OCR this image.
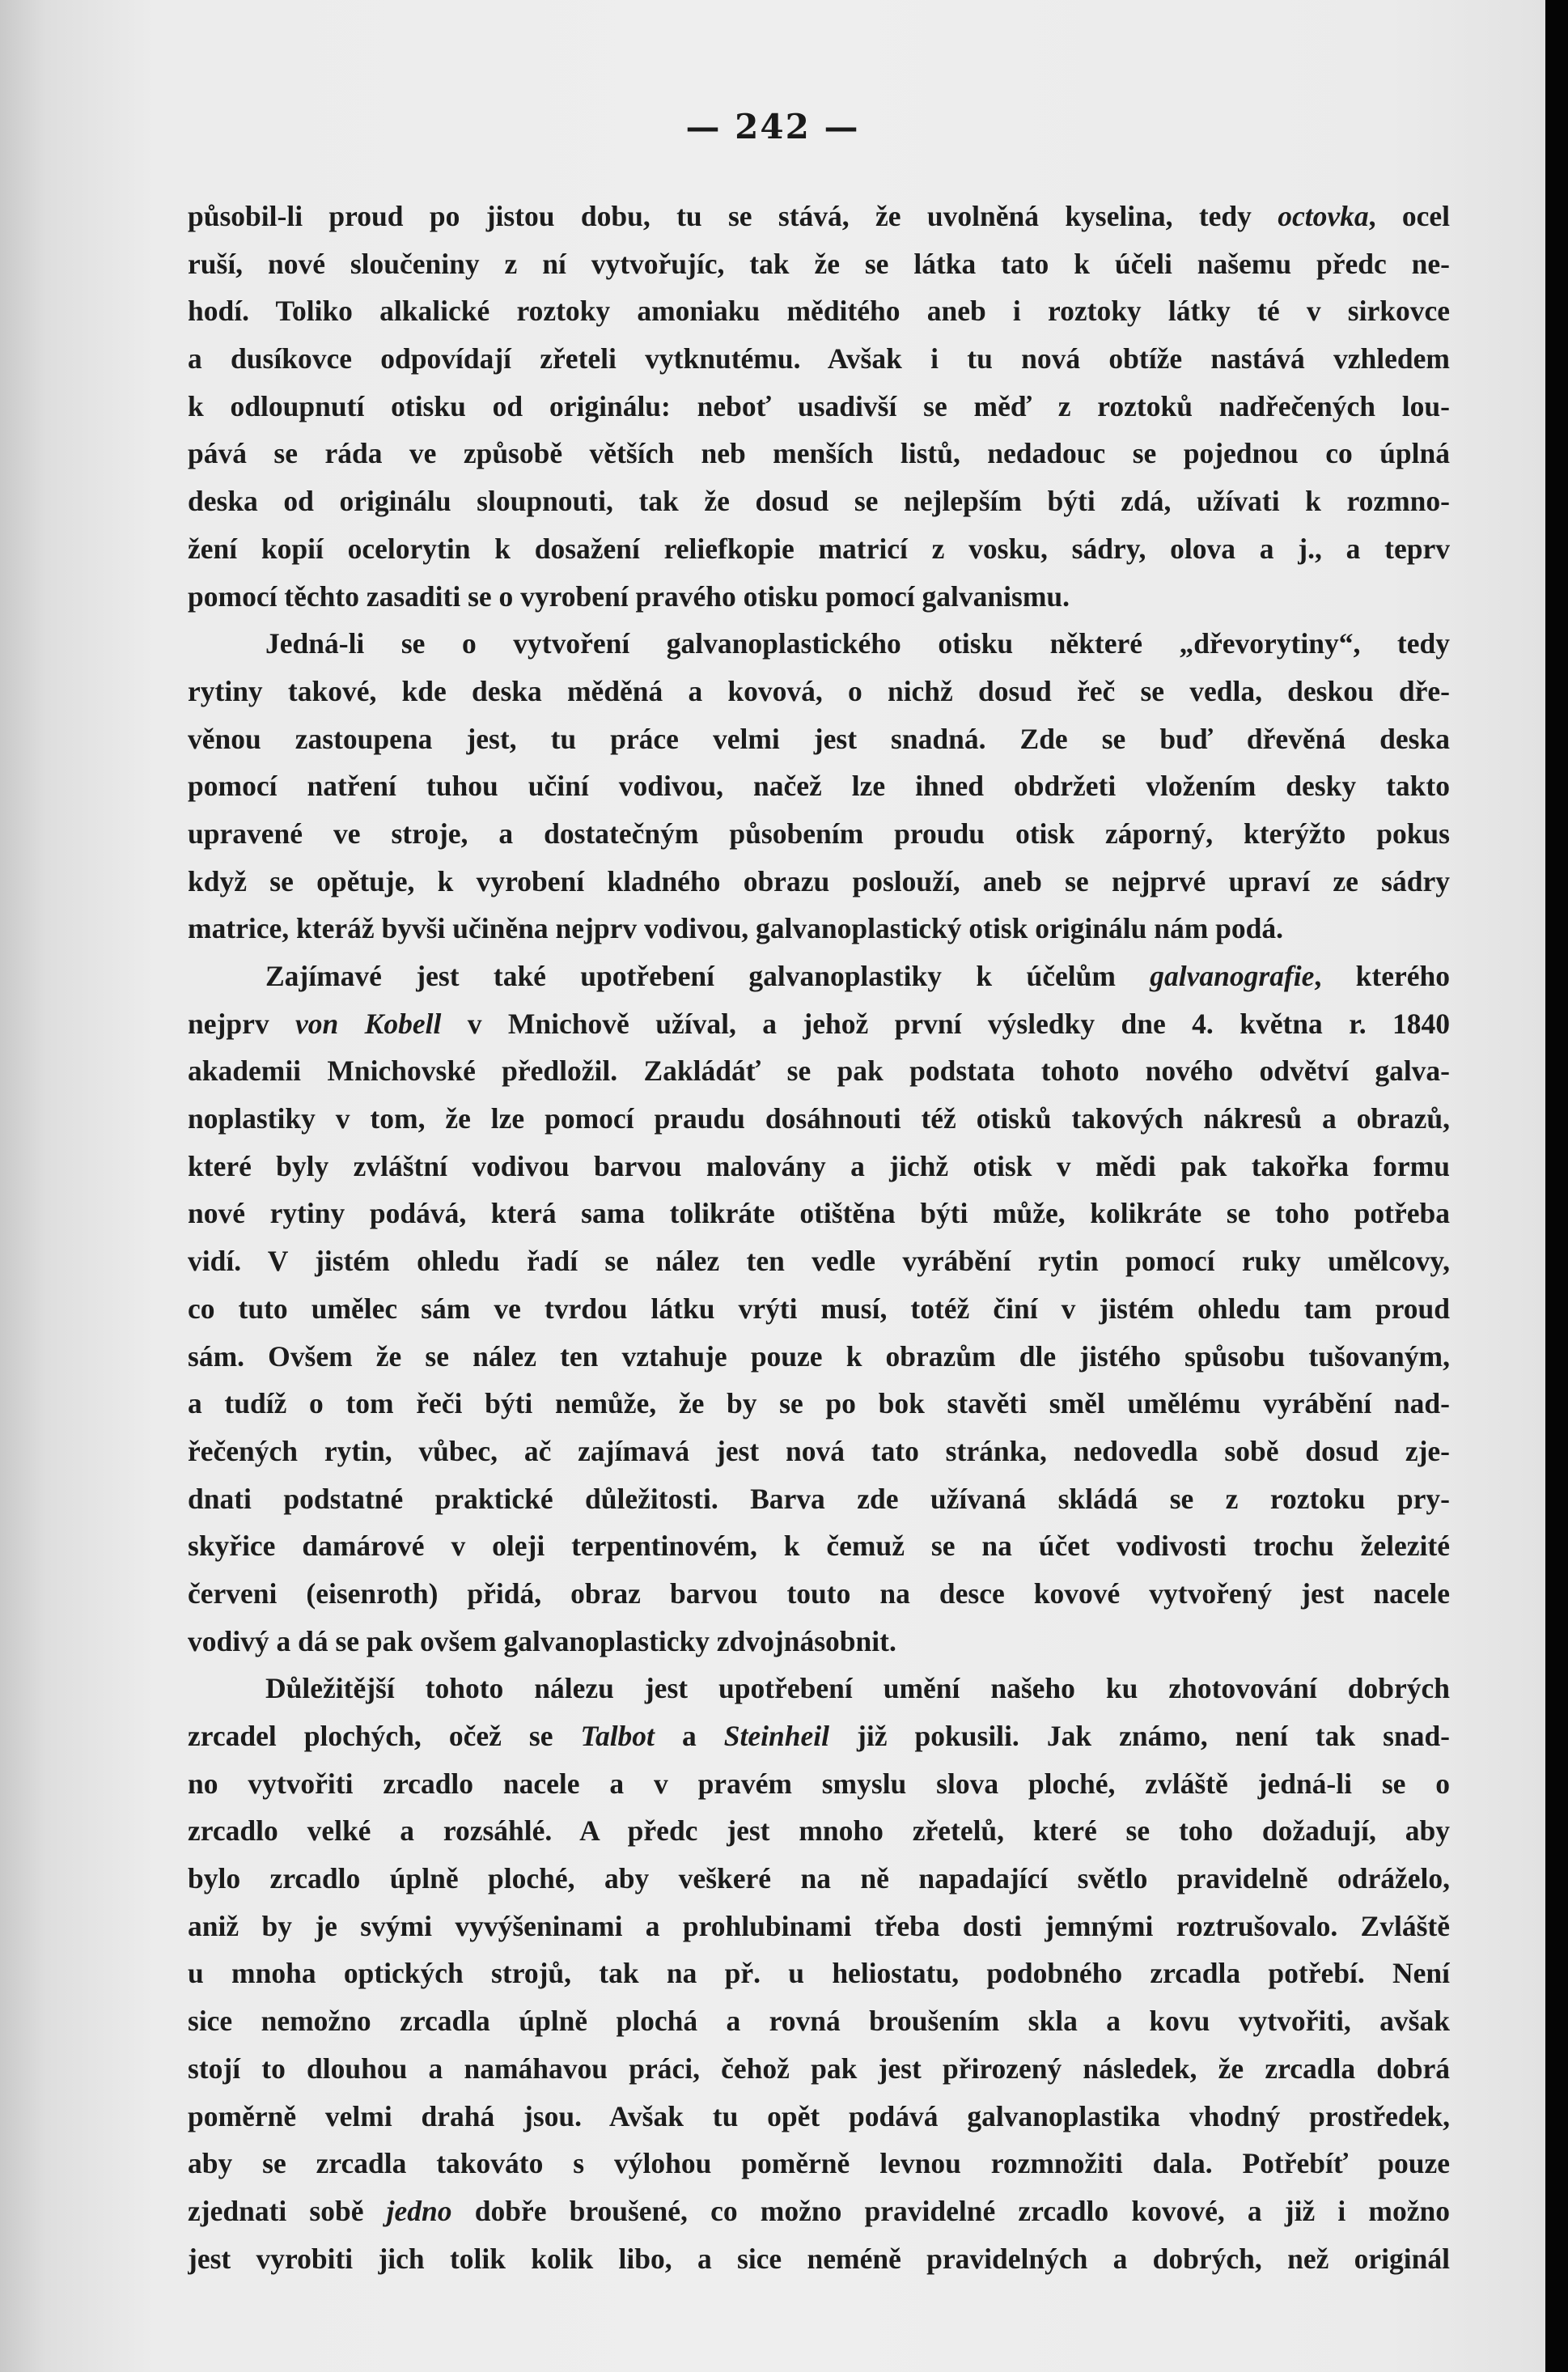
— 242 —
působil-li proud po jistou dobu, tu se stává, že uvolněná kyselina, tedy octovka, ocel
ruší, nové sloučeniny z ní vytvořujíc, tak že se látka tato k účeli našemu předc ne-
hodí. Toliko alkalické roztoky amoniaku měditého aneb i roztoky látky té v sirkovce
a dusíkovce odpovídají zřeteli vytknutému. Avšak i tu nová obtíže nastává vzhledem
k odloupnutí otisku od originálu: neboť usadivší se měď z roztoků nadřečených lou-
pává se ráda ve způsobě větších neb menších listů, nedadouc se pojednou co úplná
deska od originálu sloupnouti, tak že dosud se nejlepším býti zdá, užívati k rozmno-
žení kopií ocelorytin k dosažení reliefkopie matricí z vosku, sádry, olova a j., a teprv
pomocí těchto zasaditi se o vyrobení pravého otisku pomocí galvanismu.
Jedná-li se o vytvoření galvanoplastického otisku některé „dřevorytiny“, tedy
rytiny takové, kde deska měděná a kovová, o nichž dosud řeč se vedla, deskou dře-
věnou zastoupena jest, tu práce velmi jest snadná. Zde se buď dřevěná deska
pomocí natření tuhou učiní vodivou, načež lze ihned obdržeti vložením desky takto
upravené ve stroje, a dostatečným působením proudu otisk záporný, kterýžto pokus
když se opětuje, k vyrobení kladného obrazu poslouží, aneb se nejprvé upraví ze sádry
matrice, kteráž byvši učiněna nejprv vodivou, galvanoplastický otisk originálu nám podá.
Zajímavé jest také upotřebení galvanoplastiky k účelům galvanografie, kterého
nejprv von Kobell v Mnichově užíval, a jehož první výsledky dne 4. května r. 1840
akademii Mnichovské předložil. Zakládáť se pak podstata tohoto nového odvětví galva-
noplastiky v tom, že lze pomocí praudu dosáhnouti též otisků takových nákresů a obrazů,
které byly zvláštní vodivou barvou malovány a jichž otisk v mědi pak takořka formu
nové rytiny podává, která sama tolikráte otištěna býti může, kolikráte se toho potřeba
vidí. V jistém ohledu řadí se nález ten vedle vyrábění rytin pomocí ruky umělcovy,
co tuto umělec sám ve tvrdou látku vrýti musí, totéž činí v jistém ohledu tam proud
sám. Ovšem že se nález ten vztahuje pouze k obrazům dle jistého spůsobu tušovaným,
a tudíž o tom řeči býti nemůže, že by se po bok stavěti směl umělému vyrábění nad-
řečených rytin, vůbec, ač zajímavá jest nová tato stránka, nedovedla sobě dosud zje-
dnati podstatné praktické důležitosti. Barva zde užívaná skládá se z roztoku pry-
skyřice damárové v oleji terpentinovém, k čemuž se na účet vodivosti trochu železité
červeni (eisenroth) přidá, obraz barvou touto na desce kovové vytvořený jest nacele
vodivý a dá se pak ovšem galvanoplasticky zdvojnásobnit.
Důležitější tohoto nálezu jest upotřebení umění našeho ku zhotovování dobrých
zrcadel plochých, očež se Talbot a Steinheil již pokusili. Jak známo, není tak snad-
no vytvořiti zrcadlo nacele a v pravém smyslu slova ploché, zvláště jedná-li se o
zrcadlo velké a rozsáhlé. A předc jest mnoho zřetelů, které se toho dožadují, aby
bylo zrcadlo úplně ploché, aby veškeré na ně napadající světlo pravidelně odráželo,
aniž by je svými vyvýšeninami a prohlubinami třeba dosti jemnými roztrušovalo. Zvláště
u mnoha optických strojů, tak na př. u heliostatu, podobného zrcadla potřebí. Není
sice nemožno zrcadla úplně plochá a rovná broušením skla a kovu vytvořiti, avšak
stojí to dlouhou a namáhavou práci, čehož pak jest přirozený následek, že zrcadla dobrá
poměrně velmi drahá jsou. Avšak tu opět podává galvanoplastika vhodný prostředek,
aby se zrcadla takováto s výlohou poměrně levnou rozmnožiti dala. Potřebíť pouze
zjednati sobě jedno dobře broušené, co možno pravidelné zrcadlo kovové, a již i možno
jest vyrobiti jich tolik kolik libo, a sice neméně pravidelných a dobrých, než originál
